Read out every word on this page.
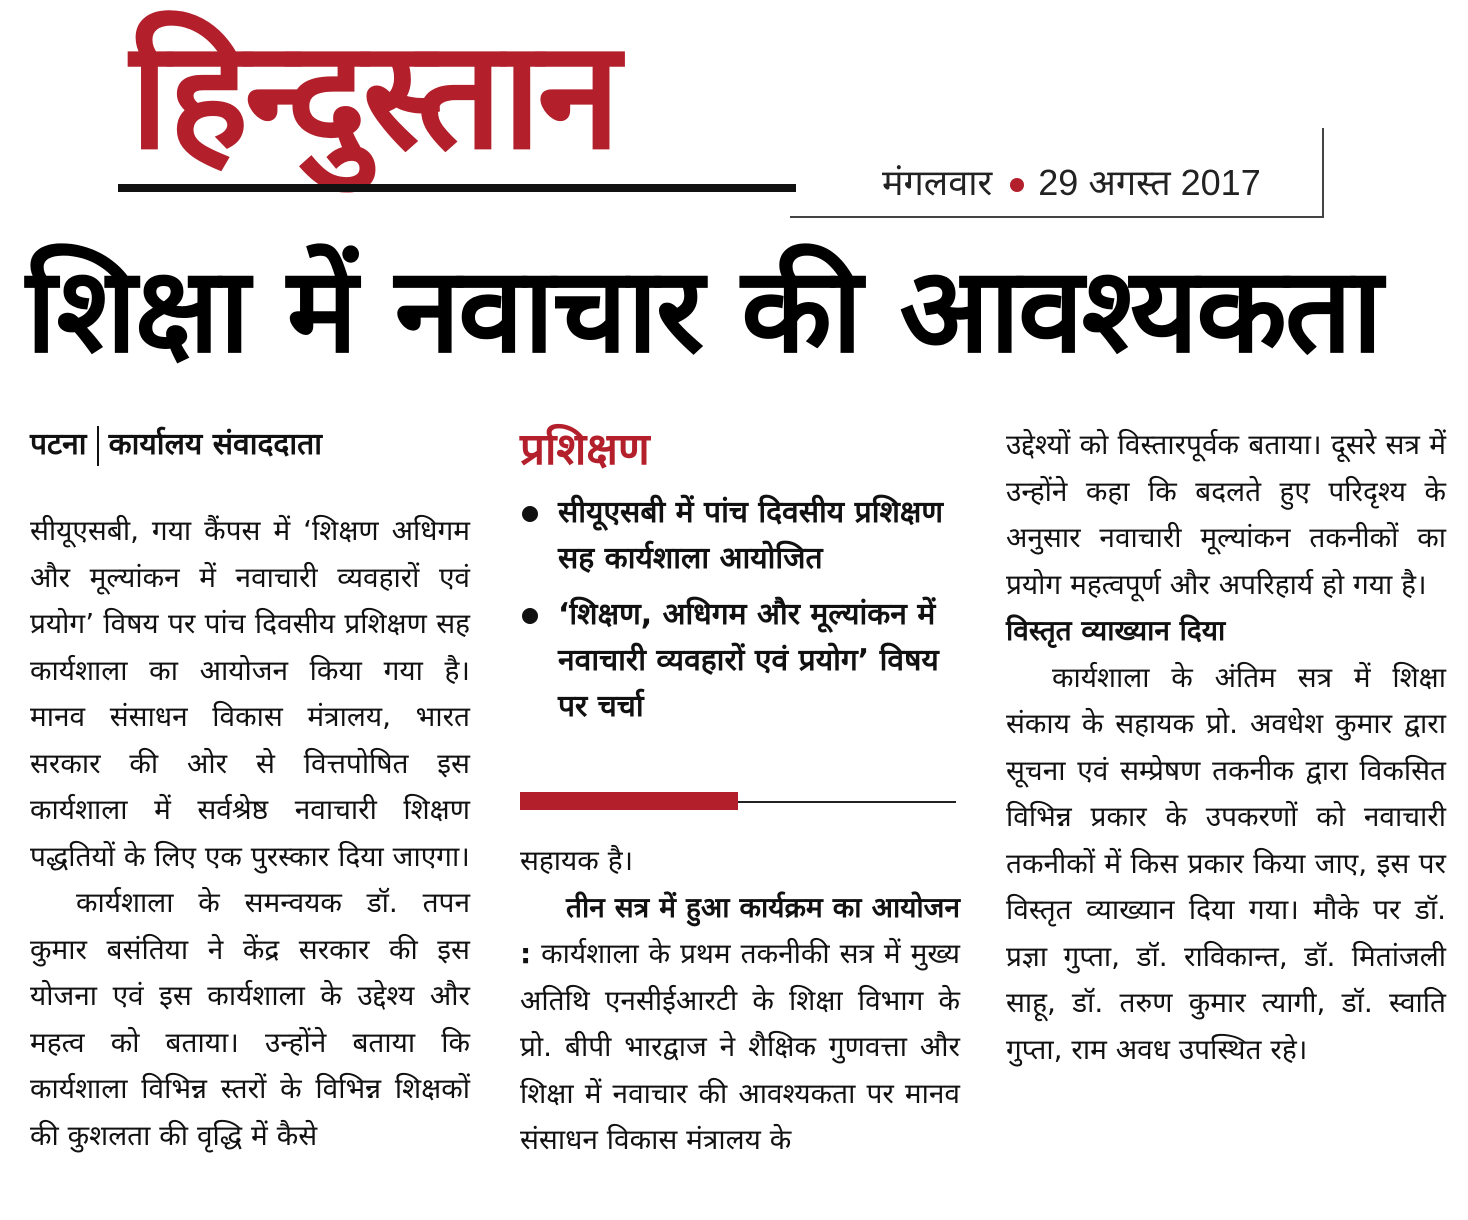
हिन्दुस्तान	मंगलवार 29 अगस्त 2017
शिक्षा में नवाचार की आवश्यकता
पटना कार्यालय संवाददाता

सीयूएसबी, गया कैंपस में ‘शिक्षण अधिगम और मूल्यांकन में नवाचारी व्यवहारों एवं प्रयोग’ विषय पर पांच दिवसीय प्रशिक्षण सह कार्यशाला का आयोजन किया गया है। मानव संसाधन विकास मंत्रालय, भारत सरकार की ओर से वित्तपोषित इस कार्यशाला में सर्वश्रेष्ठ नवाचारी शिक्षण पद्धतियों के लिए एक पुरस्कार दिया जाएगा।

कार्यशाला के समन्वयक डॉ. तपन कुमार बसंतिया ने केंद्र सरकार की इस योजना एवं इस कार्यशाला के उद्देश्य और महत्व को बताया। उन्होंने बताया कि कार्यशाला विभिन्न स्तरों के विभिन्न शिक्षकों की कुशलता की वृद्धि में कैसे

प्रशिक्षण
सीयूएसबी में पांच दिवसीय प्रशिक्षण सह कार्यशाला आयोजित
‘शिक्षण, अधिगम और मूल्यांकन में नवाचारी व्यवहारों एवं प्रयोग’ विषय पर चर्चा

सहायक है।

तीन सत्र में हुआ कार्यक्रम का आयोजन : कार्यशाला के प्रथम तकनीकी सत्र में मुख्य अतिथि एनसीईआरटी के शिक्षा विभाग के प्रो. बीपी भारद्वाज ने शैक्षिक गुणवत्ता और शिक्षा में नवाचार की आवश्यकता पर मानव संसाधन विकास मंत्रालय के

उद्देश्यों को विस्तारपूर्वक बताया। दूसरे सत्र में उन्होंने कहा कि बदलते हुए परिदृश्य के अनुसार नवाचारी मूल्यांकन तकनीकों का प्रयोग महत्वपूर्ण और अपरिहार्य हो गया है।

विस्तृत व्याख्यान दिया

कार्यशाला के अंतिम सत्र में शिक्षा संकाय के सहायक प्रो. अवधेश कुमार द्वारा सूचना एवं सम्प्रेषण तकनीक द्वारा विकसित विभिन्न प्रकार के उपकरणों को नवाचारी तकनीकों में किस प्रकार किया जाए, इस पर विस्तृत व्याख्यान दिया गया। मौके पर डॉ. प्रज्ञा गुप्ता, डॉ. राविकान्त, डॉ. मितांजली साहू, डॉ. तरुण कुमार त्यागी, डॉ. स्वाति गुप्ता, राम अवध उपस्थित रहे।
